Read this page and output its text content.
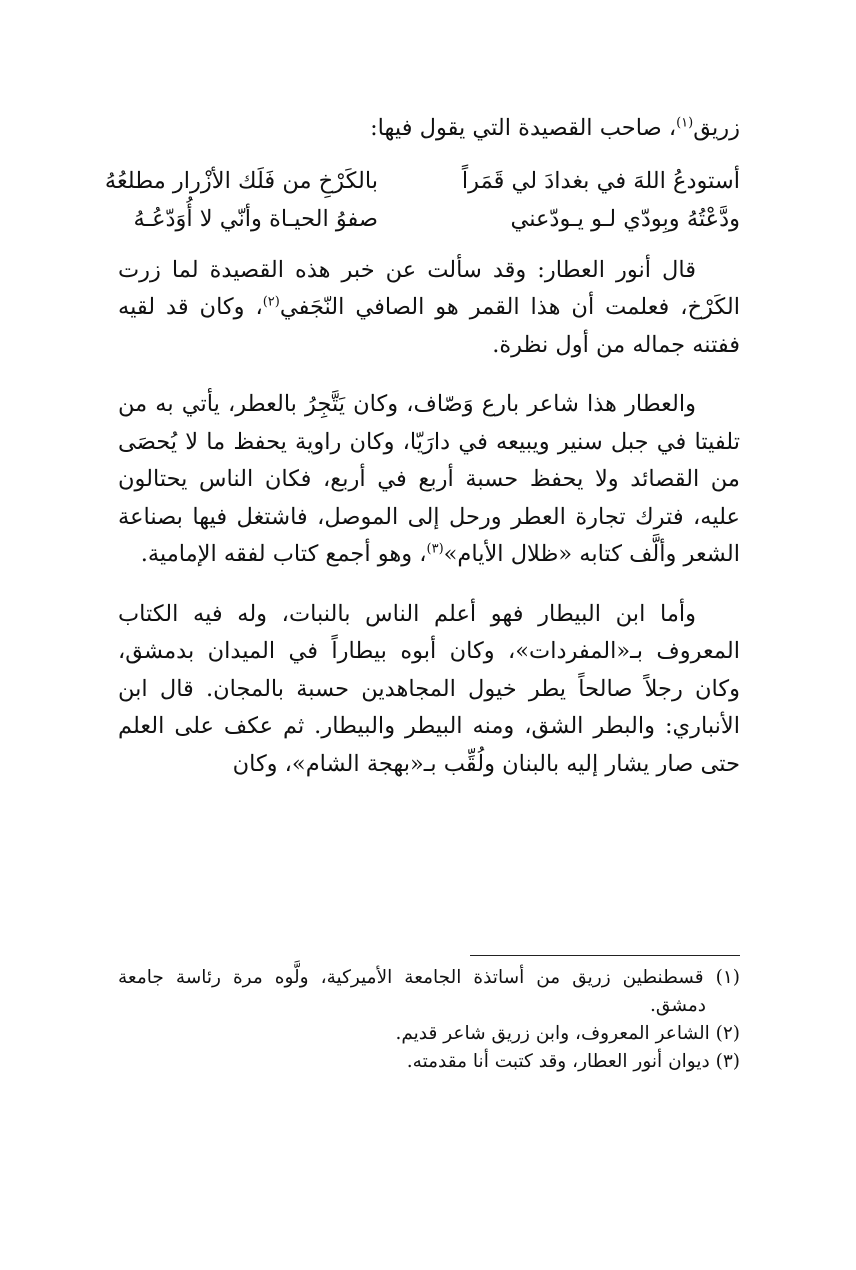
زريق$^{(١)}$، صاحب القصيدة التي يقول فيها:

أستودعُ اللهَ في بغدادَ لي قَمَراً
بالكَرْخِ من فَلَك الأزْرار مطلعُهُ
ودَّعْتُهُ وبِودّي لـو يـودّعني
صفوُ الحيـاة وأنّي لا أُوَدّعُـهُ

قال أنور العطار: وقد سألت عن خبر هذه القصيدة لما زرت الكَرْخ، فعلمت أن هذا القمر هو الصافي النّجَفي$^{(٢)}$، وكان قد لقيه ففتنه جماله من أول نظرة.

والعطار هذا شاعر بارع وَصّاف، وكان يَتَّجِرُ بالعطر، يأتي به من تلفيتا في جبل سنير ويبيعه في دارَيّا، وكان راوية يحفظ ما لا يُحصَى من القصائد ولا يحفظ حسبة أربع في أربع، فكان الناس يحتالون عليه، فترك تجارة العطر ورحل إلى الموصل، فاشتغل فيها بصناعة الشعر وألَّف كتابه «ظلال الأيام»$^{(٣)}$، وهو أجمع كتاب لفقه الإمامية.

وأما ابن البيطار فهو أعلم الناس بالنبات، وله فيه الكتاب المعروف بـ«المفردات»، وكان أبوه بيطاراً في الميدان بدمشق، وكان رجلاً صالحاً يطر خيول المجاهدين حسبة بالمجان. قال ابن الأنباري: والبطر الشق، ومنه البيطر والبيطار. ثم عكف على العلم حتى صار يشار إليه بالبنان ولُقِّب بـ«بهجة الشام»، وكان

(١) قسطنطين زريق من أساتذة الجامعة الأميركية، ولَّوه مرة رئاسة جامعة دمشق.

(٢) الشاعر المعروف، وابن زريق شاعر قديم.

(٣) ديوان أنور العطار، وقد كتبت أنا مقدمته.
